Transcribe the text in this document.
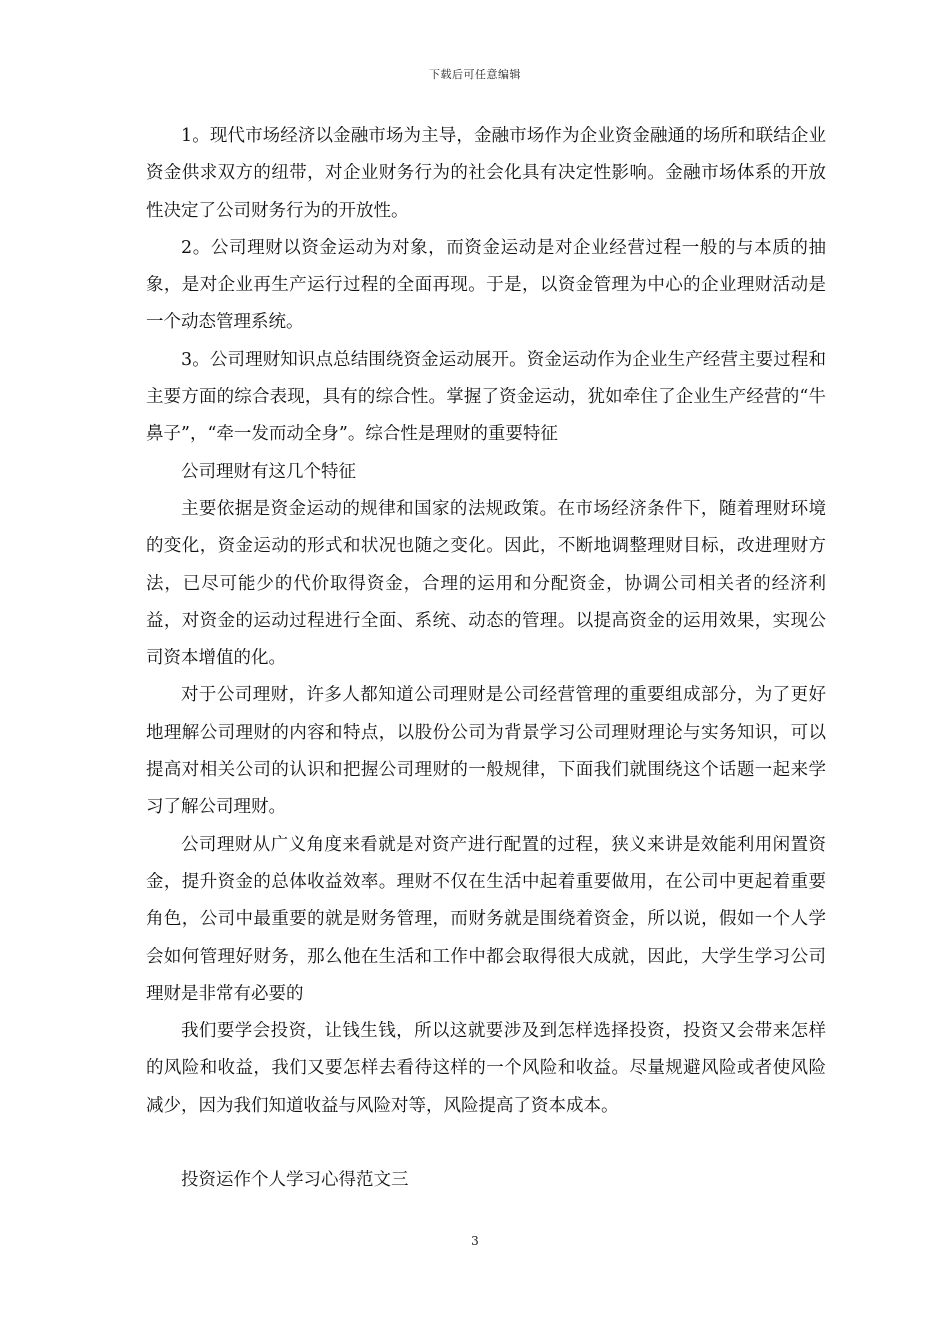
下载后可任意编辑

1。现代市场经济以金融市场为主导，金融市场作为企业资金融通的场所和联结企业资金供求双方的纽带，对企业财务行为的社会化具有决定性影响。金融市场体系的开放性决定了公司财务行为的开放性。

2。公司理财以资金运动为对象，而资金运动是对企业经营过程一般的与本质的抽象，是对企业再生产运行过程的全面再现。于是，以资金管理为中心的企业理财活动是一个动态管理系统。

3。公司理财知识点总结围绕资金运动展开。资金运动作为企业生产经营主要过程和主要方面的综合表现，具有的综合性。掌握了资金运动，犹如牵住了企业生产经营的“牛鼻子”，“牵一发而动全身”。综合性是理财的重要特征

公司理财有这几个特征

主要依据是资金运动的规律和国家的法规政策。在市场经济条件下，随着理财环境的变化，资金运动的形式和状况也随之变化。因此，不断地调整理财目标，改进理财方法，已尽可能少的代价取得资金，合理的运用和分配资金，协调公司相关者的经济利益，对资金的运动过程进行全面、系统、动态的管理。以提高资金的运用效果，实现公司资本增值的化。

对于公司理财，许多人都知道公司理财是公司经营管理的重要组成部分，为了更好地理解公司理财的内容和特点，以股份公司为背景学习公司理财理论与实务知识，可以提高对相关公司的认识和把握公司理财的一般规律，下面我们就围绕这个话题一起来学习了解公司理财。

公司理财从广义角度来看就是对资产进行配置的过程，狭义来讲是效能利用闲置资金，提升资金的总体收益效率。理财不仅在生活中起着重要做用，在公司中更起着重要角色，公司中最重要的就是财务管理，而财务就是围绕着资金，所以说，假如一个人学会如何管理好财务，那么他在生活和工作中都会取得很大成就，因此，大学生学习公司理财是非常有必要的

我们要学会投资，让钱生钱，所以这就要涉及到怎样选择投资，投资又会带来怎样的风险和收益，我们又要怎样去看待这样的一个风险和收益。尽量规避风险或者使风险减少，因为我们知道收益与风险对等，风险提高了资本成本。

投资运作个人学习心得范文三

3
